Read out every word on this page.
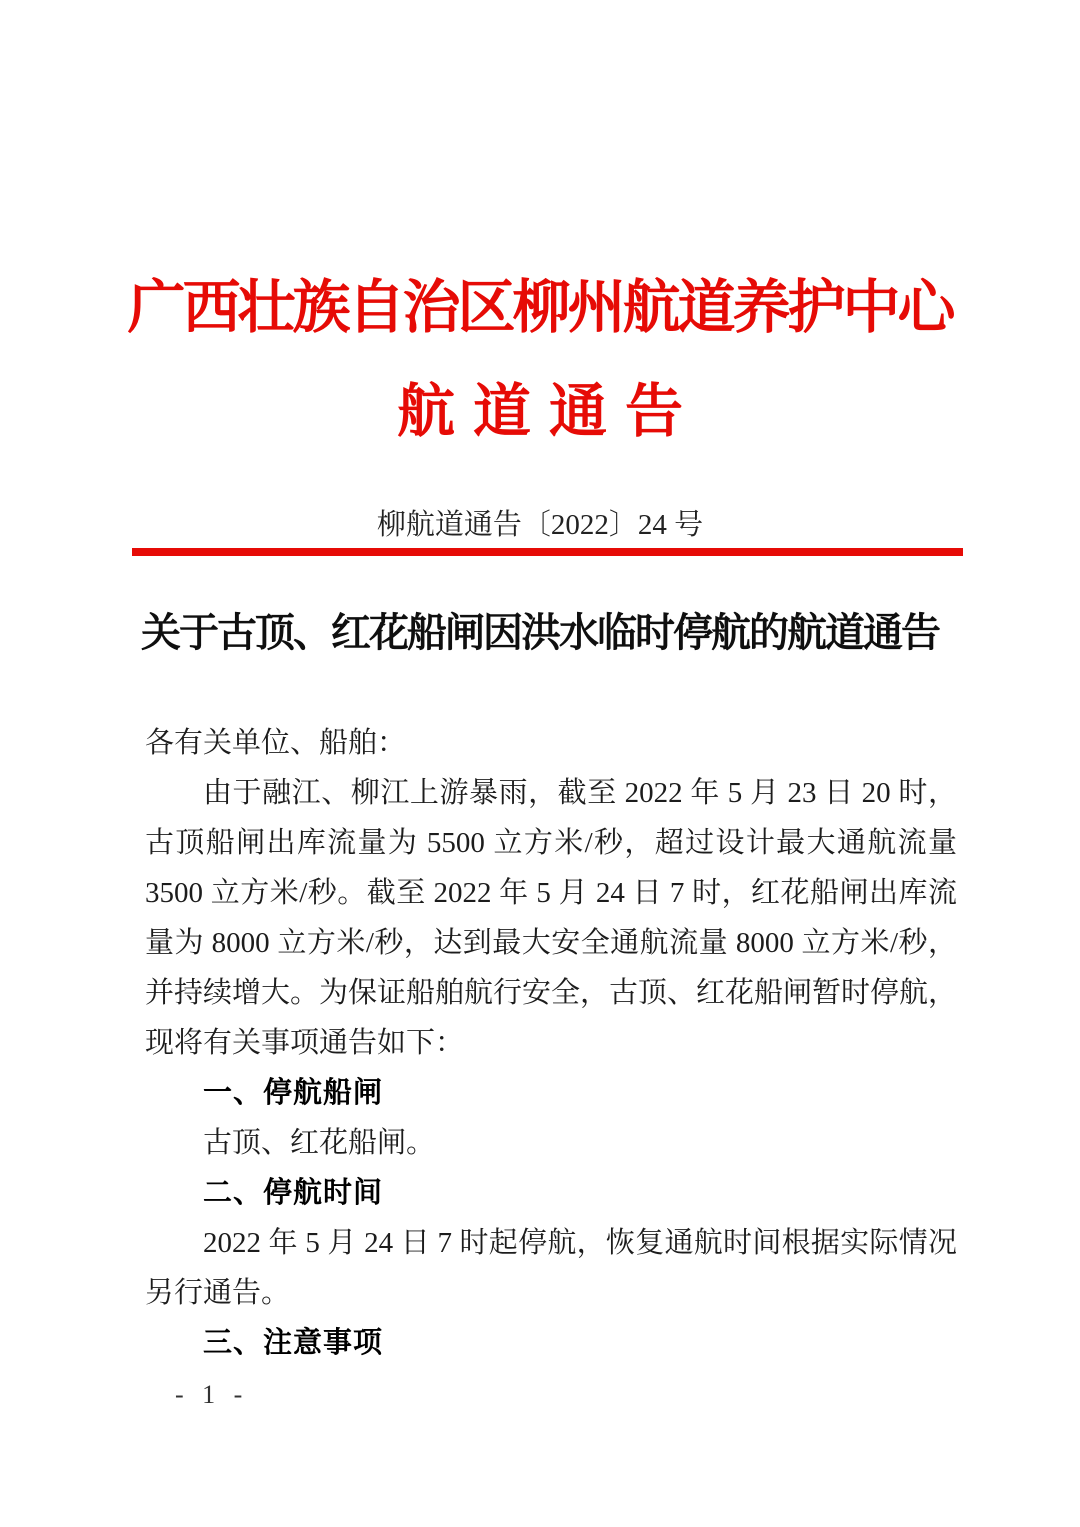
广西壮族自治区柳州航道养护中心
航道通告
柳航道通告〔2022〕24 号
关于古顶、红花船闸因洪水临时停航的航道通告
各有关单位、船舶：
由于融江、柳江上游暴雨，截至 2022 年 5 月 23 日 20 时，
古顶船闸出库流量为 5500 立方米/秒，超过设计最大通航流量
3500 立方米/秒。截至 2022 年 5 月 24 日 7 时，红花船闸出库流
量为 8000 立方米/秒，达到最大安全通航流量 8000 立方米/秒，
并持续增大。为保证船舶航行安全，古顶、红花船闸暂时停航，
现将有关事项通告如下：
一、停航船闸
古顶、红花船闸。
二、停航时间
2022 年 5 月 24 日 7 时起停航，恢复通航时间根据实际情况
另行通告。
三、注意事项
- 1 -
